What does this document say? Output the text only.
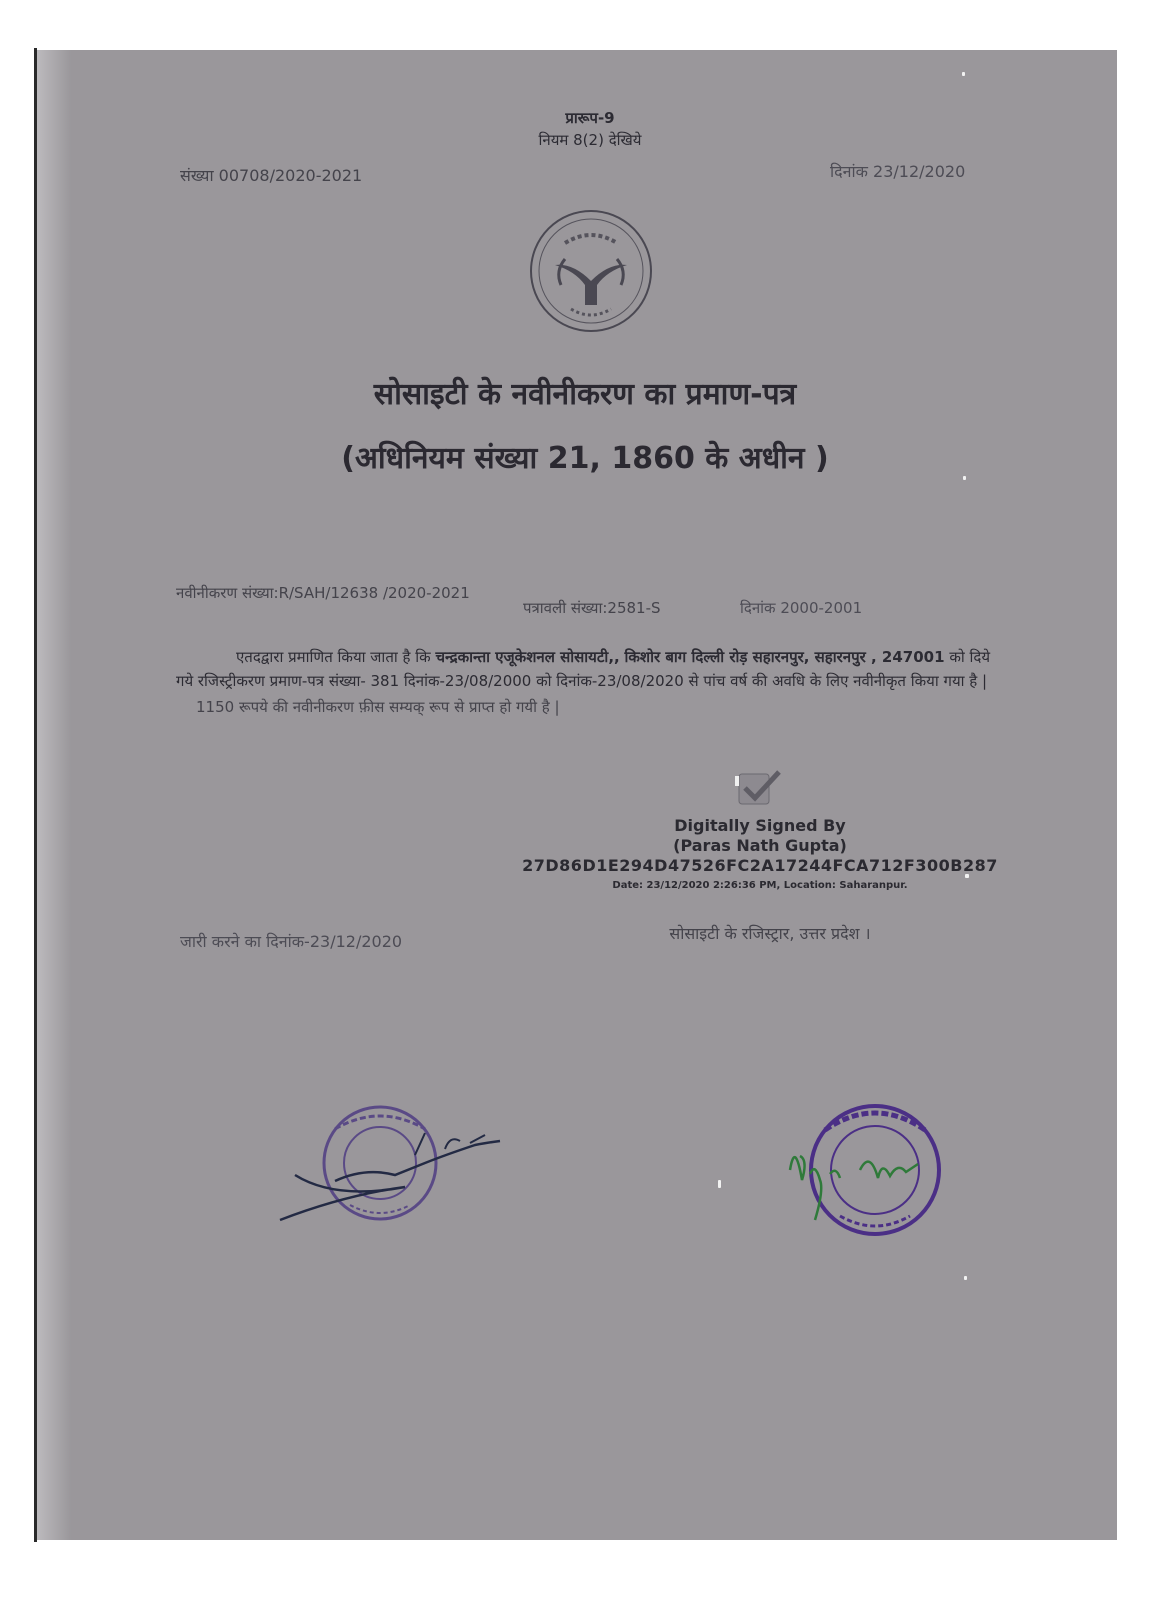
प्रारूप-9
नियम 8(2) देखिये
संख्या 00708/2020-2021	दिनांक 23/12/2020
सोसाइटी के नवीनीकरण का प्रमाण-पत्र
(अधिनियम संख्या 21, 1860 के अधीन )
नवीनीकरण संख्या:R/SAH/12638 /2020-2021
पत्रावली संख्या:2581-S	दिनांक 2000-2001

एतदद्वारा प्रमाणित किया जाता है कि चन्द्रकान्ता एजूकेशनल सोसायटी,, किशोर बाग दिल्ली रोड़ सहारनपुर, सहारनपुर , 247001 को दिये गये रजिस्ट्रीकरण प्रमाण-पत्र संख्या- 381 दिनांक-23/08/2000 को दिनांक-23/08/2020 से पांच वर्ष की अवधि के लिए नवीनीकृत किया गया है |

1150 रूपये की नवीनीकरण फ़ीस सम्यक् रूप से प्राप्त हो गयी है |

Digitally Signed By
(Paras Nath Gupta)
27D86D1E294D47526FC2A17244FCA712F300B287
Date: 23/12/2020 2:26:36 PM, Location: Saharanpur.
जारी करने का दिनांक-23/12/2020	सोसाइटी के रजिस्ट्रार, उत्तर प्रदेश ।
